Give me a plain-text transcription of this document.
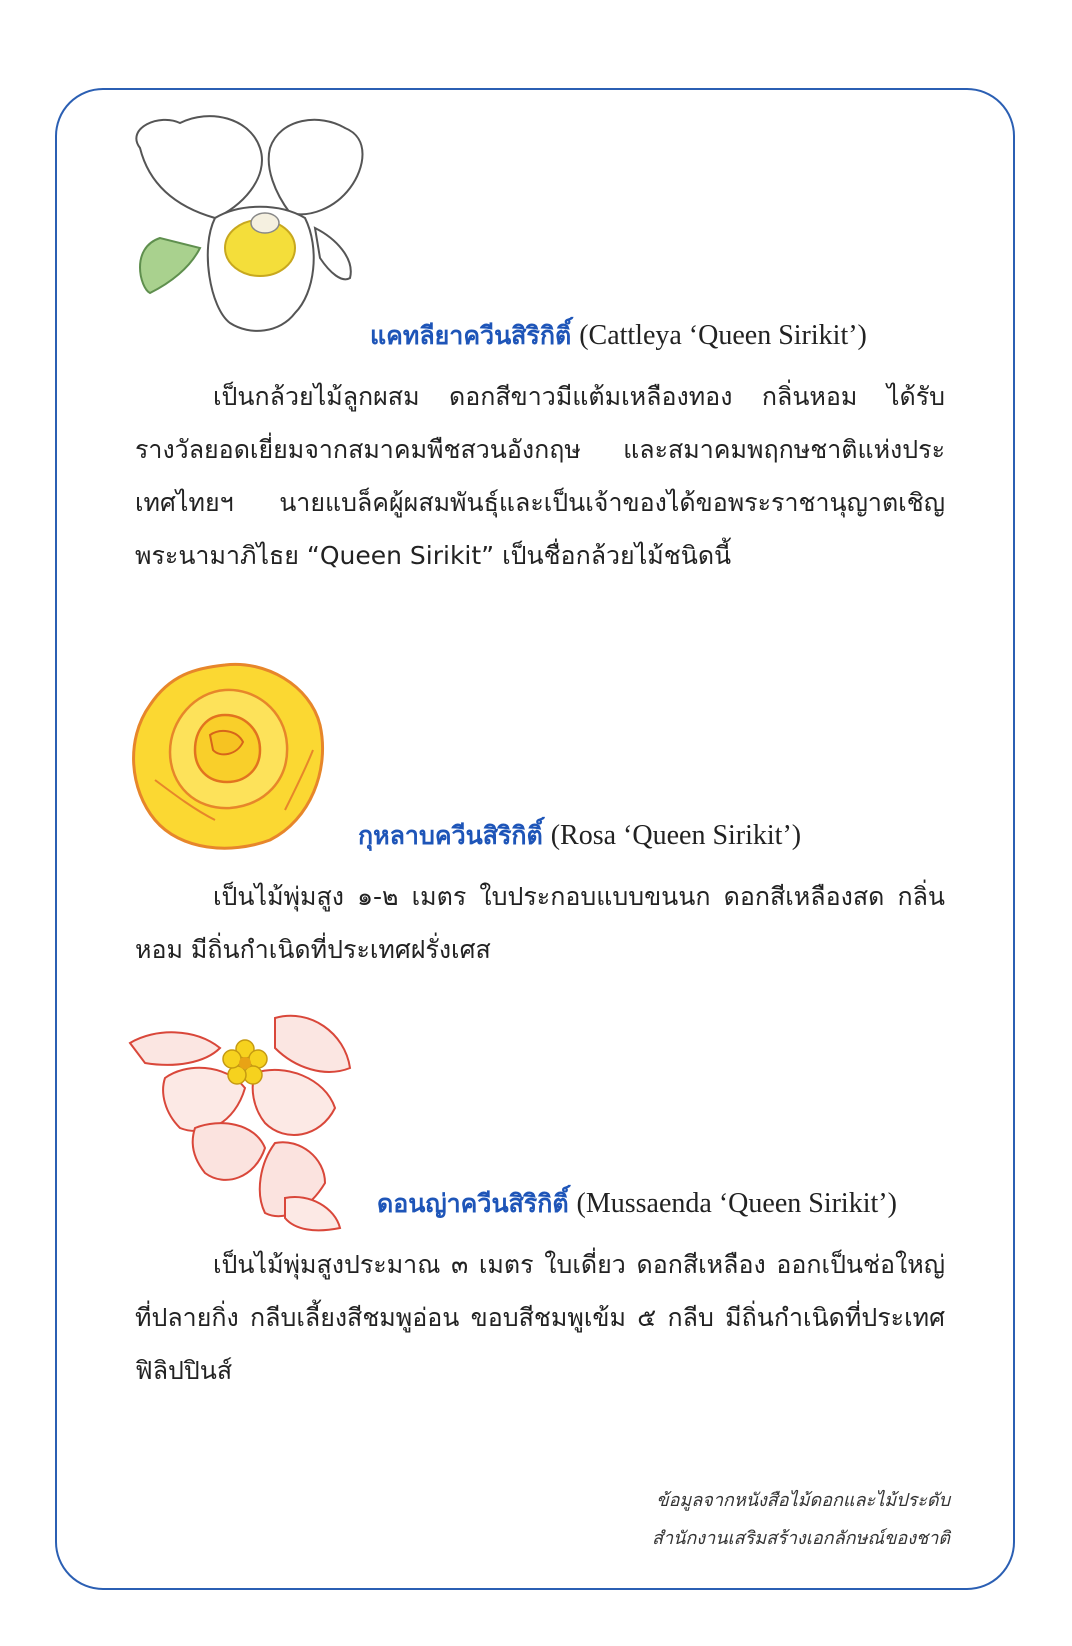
แคทลียาควีนสิริกิติ์ (Cattleya ‘Queen Sirikit’)

เป็นกล้วยไม้ลูกผสม ดอกสีขาวมีแต้มเหลืองทอง กลิ่นหอม ได้รับรางวัลยอดเยี่ยมจากสมาคมพืชสวนอังกฤษ และสมาคมพฤกษชาติแห่งประเทศไทยฯ นายแบล็คผู้ผสมพันธุ์และเป็นเจ้าของได้ขอพระราชานุญาตเชิญพระนามาภิไธย “Queen Sirikit” เป็นชื่อกล้วยไม้ชนิดนี้

กุหลาบควีนสิริกิติ์ (Rosa ‘Queen Sirikit’)

เป็นไม้พุ่มสูง ๑-๒ เมตร ใบประกอบแบบขนนก ดอกสีเหลืองสด กลิ่นหอม มีถิ่นกำเนิดที่ประเทศฝรั่งเศส

ดอนญ่าควีนสิริกิติ์ (Mussaenda ‘Queen Sirikit’)

เป็นไม้พุ่มสูงประมาณ ๓ เมตร ใบเดี่ยว ดอกสีเหลือง ออกเป็นช่อใหญ่ที่ปลายกิ่ง กลีบเลี้ยงสีชมพูอ่อน ขอบสีชมพูเข้ม ๕ กลีบ มีถิ่นกำเนิดที่ประเทศฟิลิปปินส์

ข้อมูลจากหนังสือไม้ดอกและไม้ประดับ
สำนักงานเสริมสร้างเอกลักษณ์ของชาติ
